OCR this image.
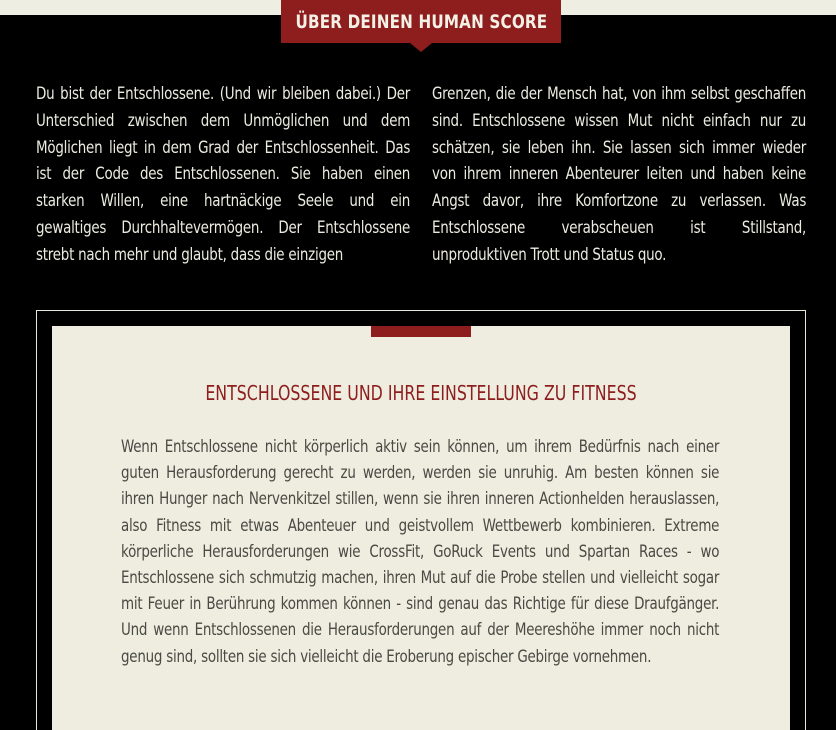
ÜBER DEINEN HUMAN SCORE

Du bist der Entschlossene. (Und wir bleiben dabei.) Der Unterschied zwischen dem Unmöglichen und dem Möglichen liegt in dem Grad der Entschlossenheit. Das ist der Code des Entschlossenen. Sie haben einen starken Willen, eine hartnäckige Seele und ein gewaltiges Durchhaltevermögen. Der Entschlossene strebt nach mehr und glaubt, dass die einzigen

Grenzen, die der Mensch hat, von ihm selbst geschaffen sind. Entschlossene wissen Mut nicht einfach nur zu schätzen, sie leben ihn. Sie lassen sich immer wieder von ihrem inneren Abenteurer leiten und haben keine Angst davor, ihre Komfortzone zu verlassen. Was Entschlossene verabscheuen ist Stillstand, unproduktiven Trott und Status quo.

ENTSCHLOSSENE UND IHRE EINSTELLUNG ZU FITNESS

Wenn Entschlossene nicht körperlich aktiv sein können, um ihrem Bedürfnis nach einer guten Herausforderung gerecht zu werden, werden sie unruhig. Am besten können sie ihren Hunger nach Nervenkitzel stillen, wenn sie ihren inneren Actionhelden herauslassen, also Fitness mit etwas Abenteuer und geistvollem Wettbewerb kombinieren. Extreme körperliche Herausforderungen wie CrossFit, GoRuck Events und Spartan Races - wo Entschlossene sich schmutzig machen, ihren Mut auf die Probe stellen und vielleicht sogar mit Feuer in Berührung kommen können - sind genau das Richtige für diese Draufgänger. Und wenn Entschlossenen die Herausforderungen auf der Meereshöhe immer noch nicht genug sind, sollten sie sich vielleicht die Eroberung epischer Gebirge vornehmen.
